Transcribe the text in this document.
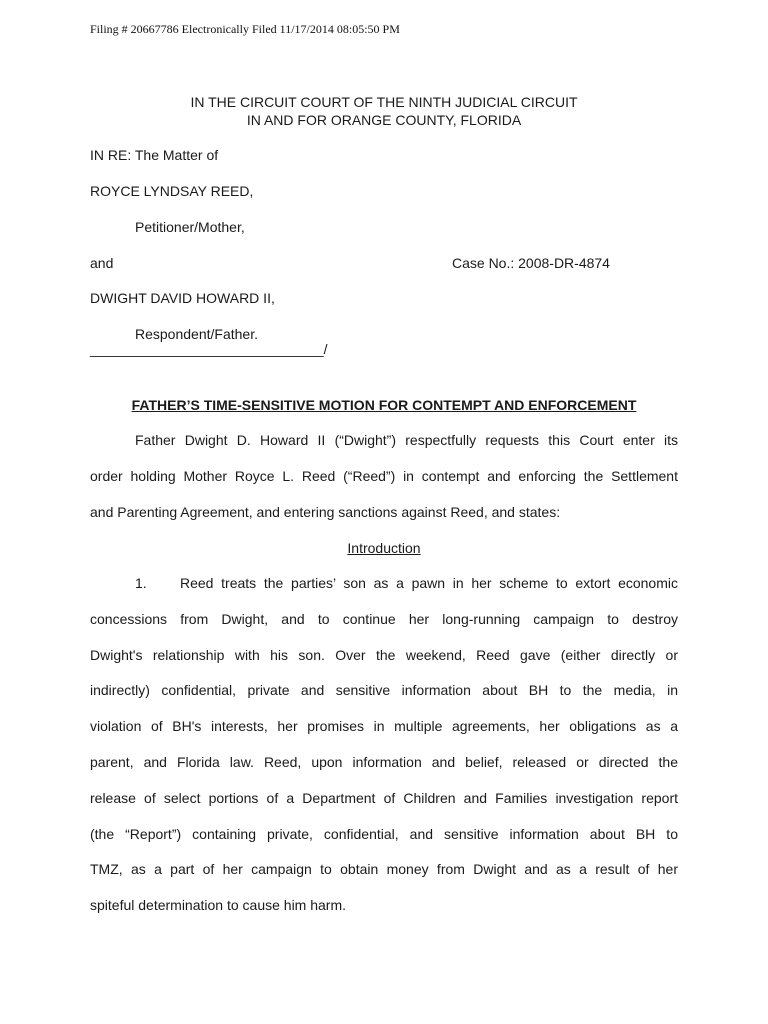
Filing # 20667786 Electronically Filed 11/17/2014 08:05:50 PM
IN THE CIRCUIT COURT OF THE NINTH JUDICIAL CIRCUIT
IN AND FOR ORANGE COUNTY, FLORIDA
IN RE: The Matter of
ROYCE LYNDSAY REED,
Petitioner/Mother,
and	Case No.: 2008-DR-4874
DWIGHT DAVID HOWARD II,
Respondent/Father.
______________________________/
FATHER’S TIME-SENSITIVE MOTION FOR CONTEMPT AND ENFORCEMENT
Father Dwight D. Howard II (“Dwight”) respectfully requests this Court enter its
order holding Mother Royce L. Reed (“Reed”) in contempt and enforcing the Settlement
and Parenting Agreement, and entering sanctions against Reed, and states:
Introduction
1. Reed treats the parties’ son as a pawn in her scheme to extort economic
concessions from Dwight, and to continue her long-running campaign to destroy
Dwight's relationship with his son. Over the weekend, Reed gave (either directly or
indirectly) confidential, private and sensitive information about BH to the media, in
violation of BH's interests, her promises in multiple agreements, her obligations as a
parent, and Florida law. Reed, upon information and belief, released or directed the
release of select portions of a Department of Children and Families investigation report
(the “Report”) containing private, confidential, and sensitive information about BH to
TMZ, as a part of her campaign to obtain money from Dwight and as a result of her
spiteful determination to cause him harm.
